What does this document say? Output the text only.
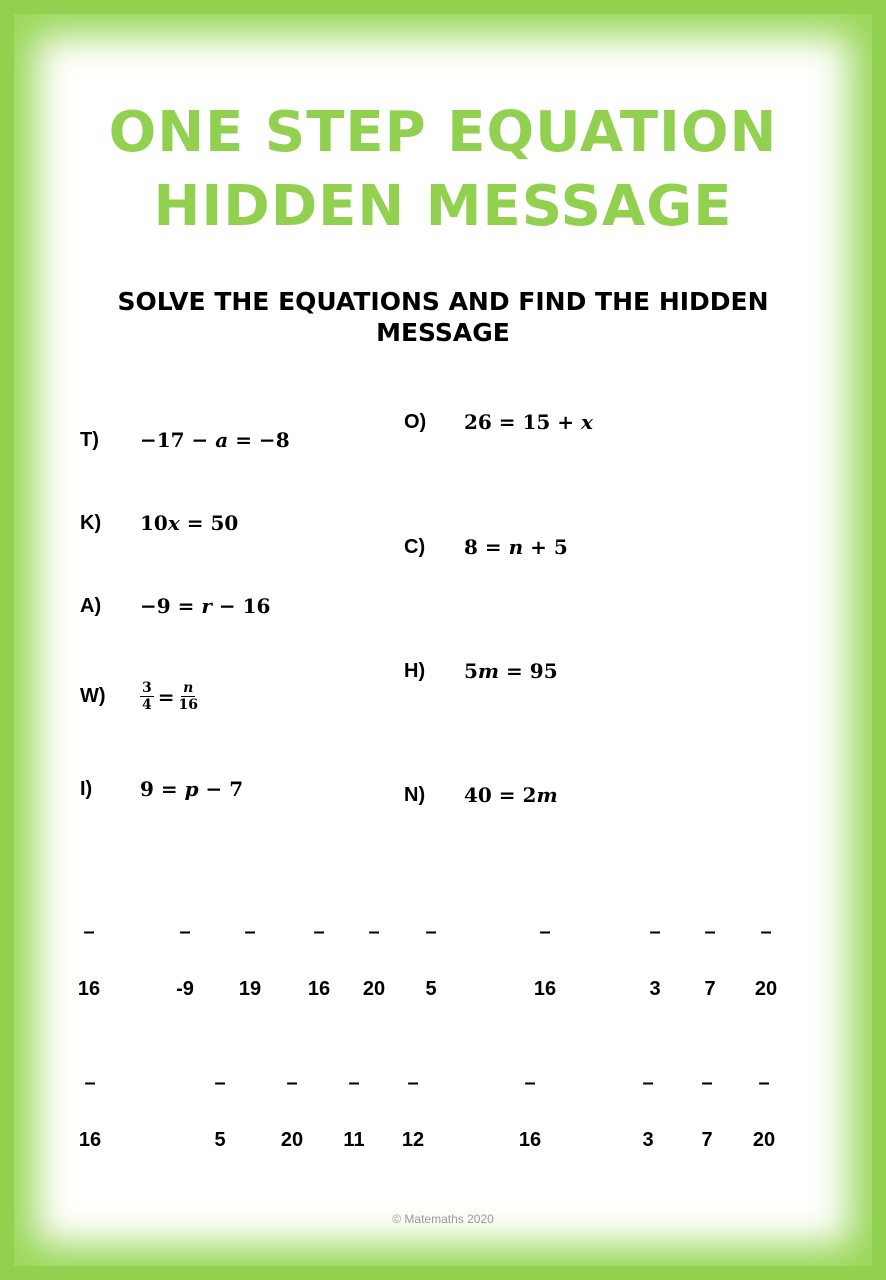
ONE STEP EQUATION
HIDDEN MESSAGE
SOLVE THE EQUATIONS AND FIND THE HIDDEN MESSAGE
T)	−17 − a = −8
K)	10x = 50
A)	−9 = r − 16
W)	$\frac{3}{4} = \frac{n}{16}$
I)	9 = p − 7
O)	26 = 15 + x
C)	8 = n + 5
H)	5m = 95
N)	40 = 2m
–
16
–
-9
–
19
–
16
–
20
–
5
–
16
–
3
–
7
–
20
–
16
–
5
–
20
–
11
–
12
–
16
–
3
–
7
–
20
© Matemaths 2020
